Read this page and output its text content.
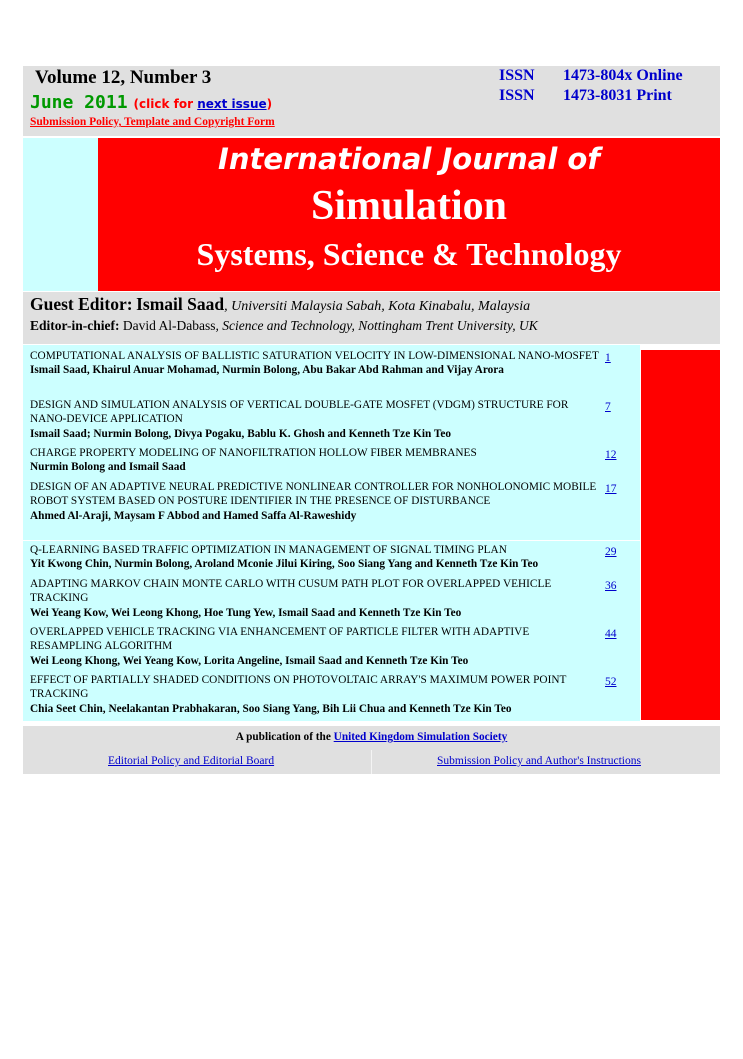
Volume 12, Number 3
June 2011 (click for next issue)
Submission Policy, Template and Copyright Form
ISSN 1473-804x Online
ISSN 1473-8031 Print
International Journal of
Simulation
Systems, Science & Technology
Guest Editor: Ismail Saad, Universiti Malaysia Sabah, Kota Kinabalu, Malaysia
Editor-in-chief: David Al-Dabass, Science and Technology, Nottingham Trent University, UK
COMPUTATIONAL ANALYSIS OF BALLISTIC SATURATION VELOCITY IN LOW-DIMENSIONAL NANO-MOSFET
Ismail Saad, Khairul Anuar Mohamad, Nurmin Bolong, Abu Bakar Abd Rahman and Vijay Arora
1
DESIGN AND SIMULATION ANALYSIS OF VERTICAL DOUBLE-GATE MOSFET (VDGM) STRUCTURE FOR NANO-DEVICE APPLICATION
Ismail Saad; Nurmin Bolong, Divya Pogaku, Bablu K. Ghosh and Kenneth Tze Kin Teo
7
CHARGE PROPERTY MODELING OF NANOFILTRATION HOLLOW FIBER MEMBRANES
Nurmin Bolong and Ismail Saad
12
DESIGN OF AN ADAPTIVE NEURAL PREDICTIVE NONLINEAR CONTROLLER FOR NONHOLONOMIC MOBILE ROBOT SYSTEM BASED ON POSTURE IDENTIFIER IN THE PRESENCE OF DISTURBANCE
Ahmed Al-Araji, Maysam F Abbod and Hamed Saffa Al-Raweshidy
17
Q-LEARNING BASED TRAFFIC OPTIMIZATION IN MANAGEMENT OF SIGNAL TIMING PLAN
Yit Kwong Chin, Nurmin Bolong, Aroland Mconie Jilui Kiring, Soo Siang Yang and Kenneth Tze Kin Teo
29
ADAPTING MARKOV CHAIN MONTE CARLO WITH CUSUM PATH PLOT FOR OVERLAPPED VEHICLE TRACKING
Wei Yeang Kow, Wei Leong Khong, Hoe Tung Yew, Ismail Saad and Kenneth Tze Kin Teo
36
OVERLAPPED VEHICLE TRACKING VIA ENHANCEMENT OF PARTICLE FILTER WITH ADAPTIVE RESAMPLING ALGORITHM
Wei Leong Khong, Wei Yeang Kow, Lorita Angeline, Ismail Saad and Kenneth Tze Kin Teo
44
EFFECT OF PARTIALLY SHADED CONDITIONS ON PHOTOVOLTAIC ARRAY'S MAXIMUM POWER POINT TRACKING
Chia Seet Chin, Neelakantan Prabhakaran, Soo Siang Yang, Bih Lii Chua and Kenneth Tze Kin Teo
52
A publication of the United Kingdom Simulation Society
Editorial Policy and Editorial Board	Submission Policy and Author's Instructions
